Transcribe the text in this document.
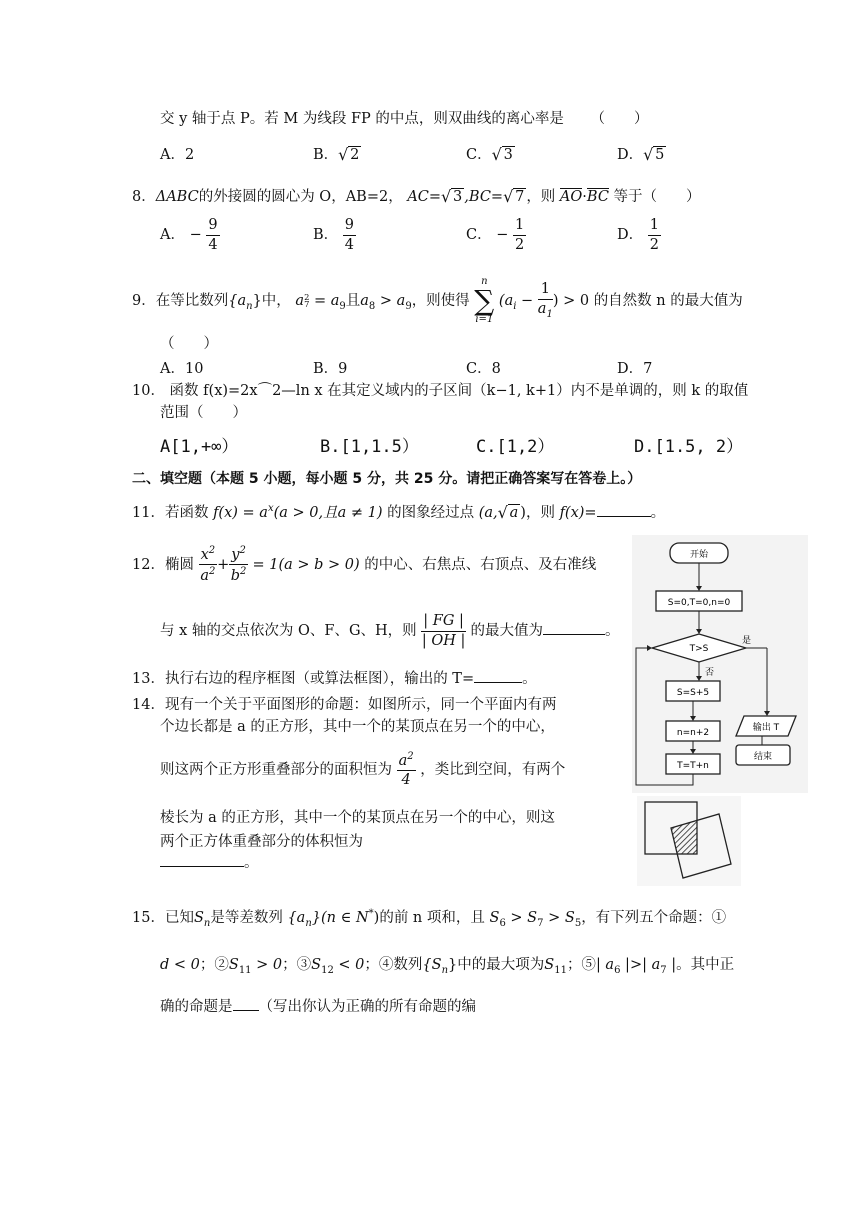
交 y 轴于点 P。若 M 为线段 FP 的中点，则双曲线的离心率是 （　　）
A．2	B． √ 2	C． √ 3	D． √ 5
8．ΔABC的外接圆的圆心为 O，AB=2， AC= √ 3 ,BC= √ 7 ，则 AO·BC 等于（　　）
A． − $\frac{9}{4}$	B． $\frac{9}{4}$	C． − $\frac{1}{2}$	D． $\frac{1}{2}$
9．在等比数列$\{a_n\}$中， a 2
$7 = a_9$且$a_8 > a_9$，则使得
n
∑
i=1
($a_i - \frac{1}{a_1}$ ) > 0 的自然数 n 的最大值为
（　　）
A．10	B．9	C．8	D．7
10． 函数 f(x)=2x⌒2—ln x 在其定义域内的子区间（k−1, k+1）内不是单调的，则 k 的取值
范围（　　）
A[1,+∞）	B.[1,1.5）	C.[1,2）	D.[1.5, 2）
二、填空题（本题 5 小题，每小题 5 分，共 25 分。请把正确答案写在答卷上。）
11．若函数 $f(x) = a^x(a > 0$,且a ≠ 1) 的图象经过点 (a, √ a )，则 f(x)=	。
12．椭圆 $\frac{x^2}{a^2} + \frac{y^2}{b^2} = 1(a > b > 0)$ 的中心、右焦点、右顶点、及右准线
与 x 轴的交点依次为 O、F、G、H，则 $\frac{| FG |}{| OH |}$ 的最大值为	。
13．执行右边的程序框图（或算法框图），输出的 T=	。
14．现有一个关于平面图形的命题：如图所示，同一个平面内有两
个边长都是 a 的正方形，其中一个的某顶点在另一个的中心，
则这两个正方形重叠部分的面积恒为 $\frac{a^2}{4}$ ，类比到空间，有两个
棱长为 a 的正方形，其中一个的某顶点在另一个的中心，则这
两个正方体重叠部分的体积恒为
。
15．已知$S_n$是等差数列 $\{a_n\}(n$ ∈ N*)的前 n 项和，且 $S_6 > S_7 > S_5$，有下列五个命题：①
d < 0；$②S_{11} > 0$；$③S_{12} < 0$；④数列$\{S_n\}$中的最大项为$S_{11}$；⑤| $a_6$ |>| $a_7$ |。其中正
确的命题是 （写出你认为正确的所有命题的编
开始
S=0,T=0,n=0
T>S
是
输出 T
结束
否
S=S+5
n=n+2
T=T+n
